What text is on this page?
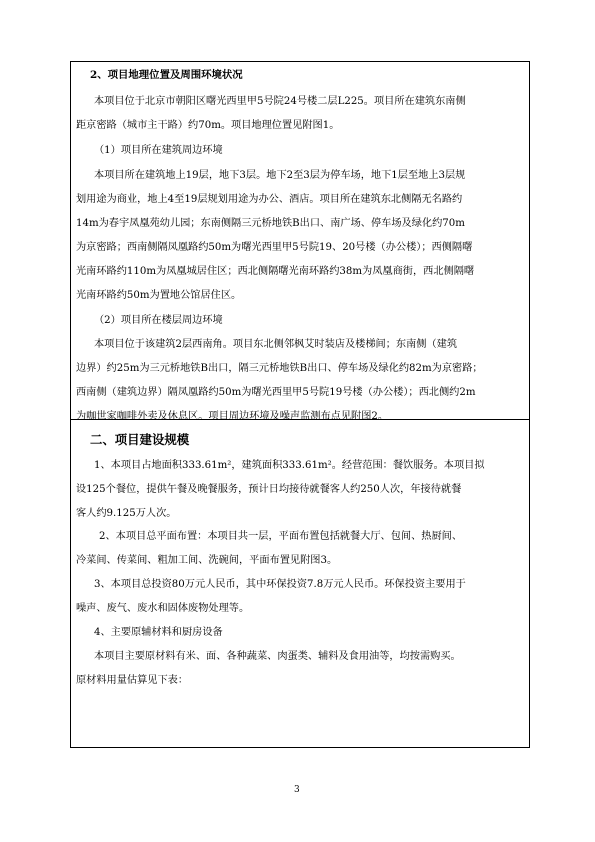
2、项目地理位置及周围环境状况
本项目位于北京市朝阳区曙光西里甲5号院24号楼二层L225。项目所在建筑东南侧
距京密路（城市主干路）约70m。项目地理位置见附图1。
（1）项目所在建筑周边环境
本项目所在建筑地上19层，地下3层。地下2至3层为停车场，地下1层至地上3层规
划用途为商业，地上4至19层规划用途为办公、酒店。项目所在建筑东北侧隔无名路约
14m为春宇凤凰苑幼儿园；东南侧隔三元桥地铁B出口、南广场、停车场及绿化约70m
为京密路；西南侧隔凤凰路约50m为曙光西里甲5号院19、20号楼（办公楼）；西侧隔曙
光南环路约110m为凤凰城居住区；西北侧隔曙光南环路约38m为凤凰商街，西北侧隔曙
光南环路约50m为置地公馆居住区。
（2）项目所在楼层周边环境
本项目位于该建筑2层西南角。项目东北侧邻枫艾时装店及楼梯间；东南侧（建筑
边界）约25m为三元桥地铁B出口，隔三元桥地铁B出口、停车场及绿化约82m为京密路；
西南侧（建筑边界）隔凤凰路约50m为曙光西里甲5号院19号楼（办公楼）；西北侧约2m
为咖世家咖啡外卖及休息区。项目周边环境及噪声监测布点见附图2。
二、项目建设规模
1、本项目占地面积333.61m²，建筑面积333.61m²。经营范围：餐饮服务。本项目拟
设125个餐位，提供午餐及晚餐服务，预计日均接待就餐客人约250人次，年接待就餐
客人约9.125万人次。
2、本项目总平面布置：本项目共一层，平面布置包括就餐大厅、包间、热厨间、
冷菜间、传菜间、粗加工间、洗碗间，平面布置见附图3。
3、本项目总投资80万元人民币，其中环保投资7.8万元人民币。环保投资主要用于
噪声、废气、废水和固体废物处理等。
4、主要原辅材料和厨房设备
本项目主要原材料有米、面、各种蔬菜、肉蛋类、辅料及食用油等，均按需购买。
原材料用量估算见下表：
3
